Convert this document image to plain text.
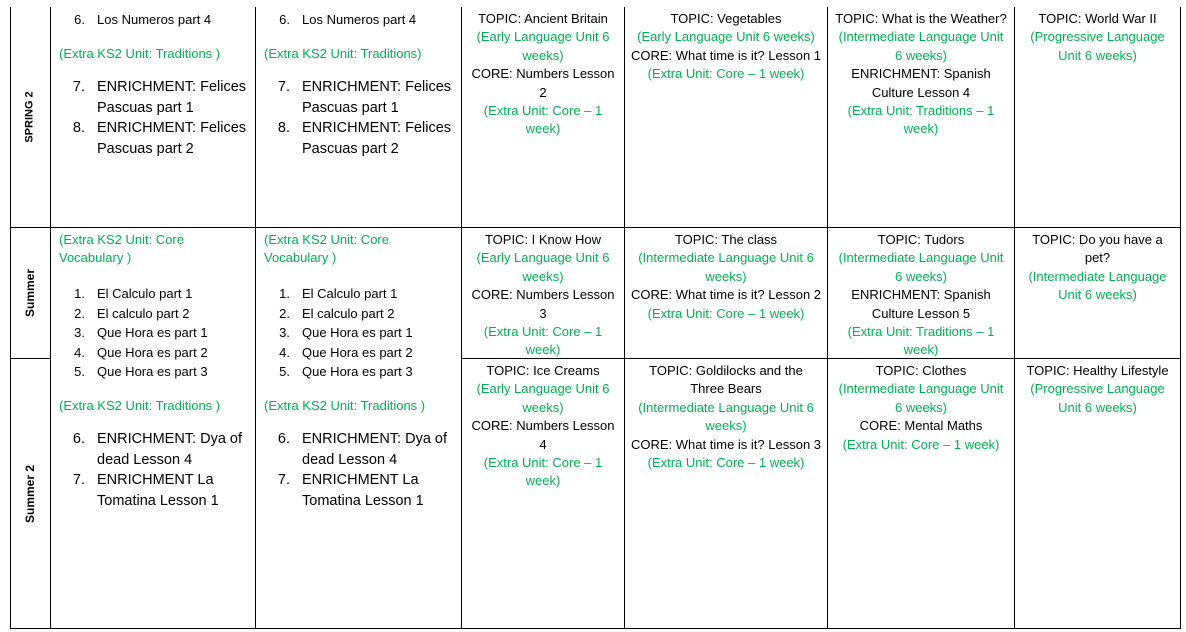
SPRING 2
Summer
Summer 2
6. Los Numeros part 4
(Extra KS2 Unit: Traditions )
7. ENRICHMENT: Felices Pascuas part 1
8. ENRICHMENT: Felices Pascuas part 2
6. Los Numeros part 4
(Extra KS2 Unit: Traditions)
7. ENRICHMENT: Felices Pascuas part 1
8. ENRICHMENT: Felices Pascuas part 2
(Extra KS2 Unit: Core Vocabulary )
1. El Calculo part 1
2. El calculo part 2
3. Que Hora es part 1
4. Que Hora es part 2
5. Que Hora es part 3
(Extra KS2 Unit: Traditions )
6. ENRICHMENT: Dya of dead Lesson 4
7. ENRICHMENT La Tomatina Lesson 1
(Extra KS2 Unit: Core Vocabulary )
1. El Calculo part 1
2. El calculo part 2
3. Que Hora es part 1
4. Que Hora es part 2
5. Que Hora es part 3
(Extra KS2 Unit: Traditions )
6. ENRICHMENT: Dya of dead Lesson 4
7. ENRICHMENT La Tomatina Lesson 1
TOPIC: Ancient Britain
(Early Language Unit 6 weeks)
CORE: Numbers Lesson 2
(Extra Unit: Core – 1 week)
TOPIC: I Know How
(Early Language Unit 6 weeks)
CORE: Numbers Lesson 3
(Extra Unit: Core – 1 week)
TOPIC: Ice Creams
(Early Language Unit 6 weeks)
CORE: Numbers Lesson 4
(Extra Unit: Core – 1 week)
TOPIC: Vegetables
(Early Language Unit 6 weeks)
CORE: What time is it? Lesson 1
(Extra Unit: Core – 1 week)
TOPIC: The class
(Intermediate Language Unit 6 weeks)
CORE: What time is it? Lesson 2
(Extra Unit: Core – 1 week)
TOPIC: Goldilocks and the Three Bears
(Intermediate Language Unit 6 weeks)
CORE: What time is it? Lesson 3
(Extra Unit: Core – 1 week)
TOPIC: What is the Weather?
(Intermediate Language Unit 6 weeks)
ENRICHMENT: Spanish Culture Lesson 4
(Extra Unit: Traditions – 1 week)
TOPIC: Tudors
(Intermediate Language Unit 6 weeks)
ENRICHMENT: Spanish Culture Lesson 5
(Extra Unit: Traditions – 1 week)
TOPIC: Clothes
(Intermediate Language Unit 6 weeks)
CORE: Mental Maths
(Extra Unit: Core – 1 week)
TOPIC: World War II
(Progressive Language Unit 6 weeks)
TOPIC: Do you have a pet?
(Intermediate Language Unit 6 weeks)
TOPIC: Healthy Lifestyle
(Progressive Language Unit 6 weeks)
